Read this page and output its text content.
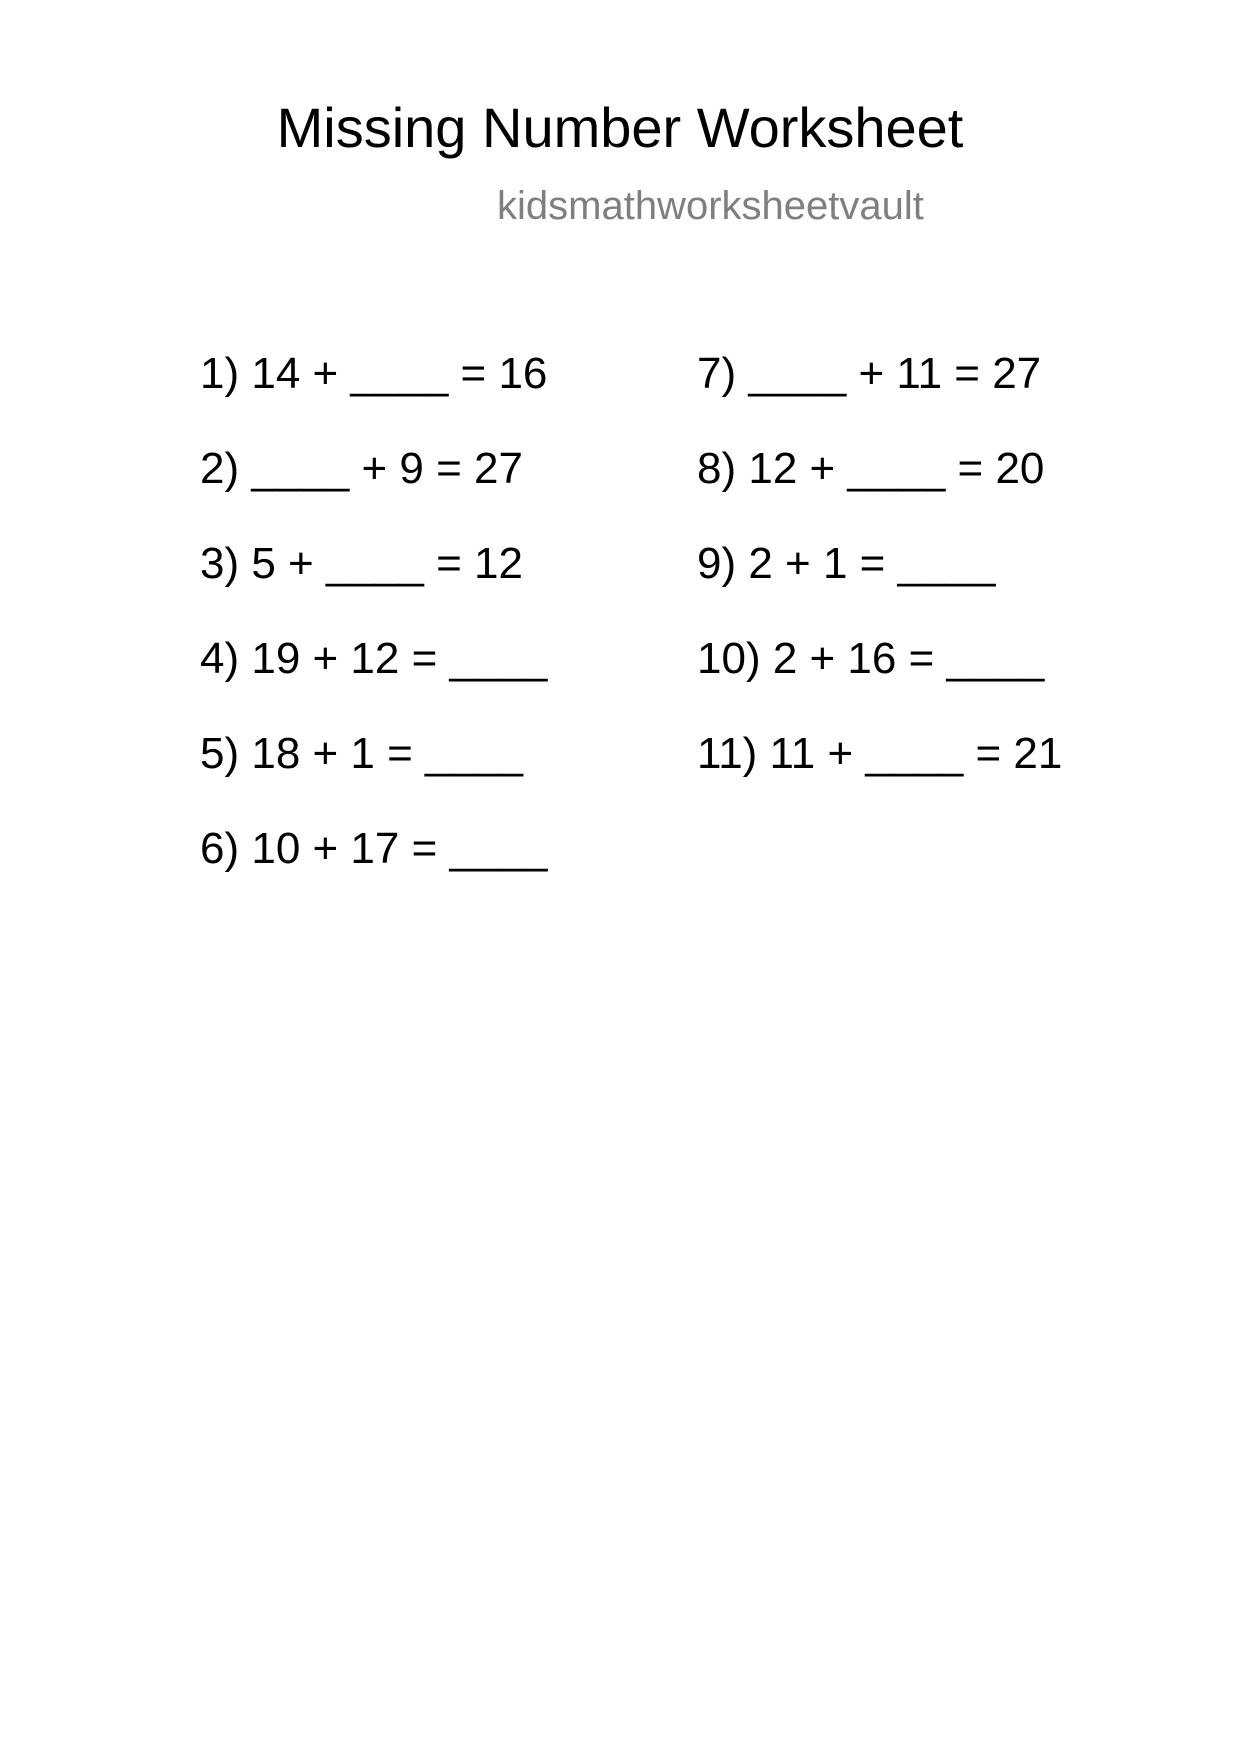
Missing Number Worksheet
kidsmathworksheetvault
1) 14 + ____ = 16
2) ____ + 9 = 27
3) 5 + ____ = 12
4) 19 + 12 = ____
5) 18 + 1 = ____
6) 10 + 17 = ____
7) ____ + 11 = 27
8) 12 + ____ = 20
9) 2 + 1 = ____
10) 2 + 16 = ____
11) 11 + ____ = 21
